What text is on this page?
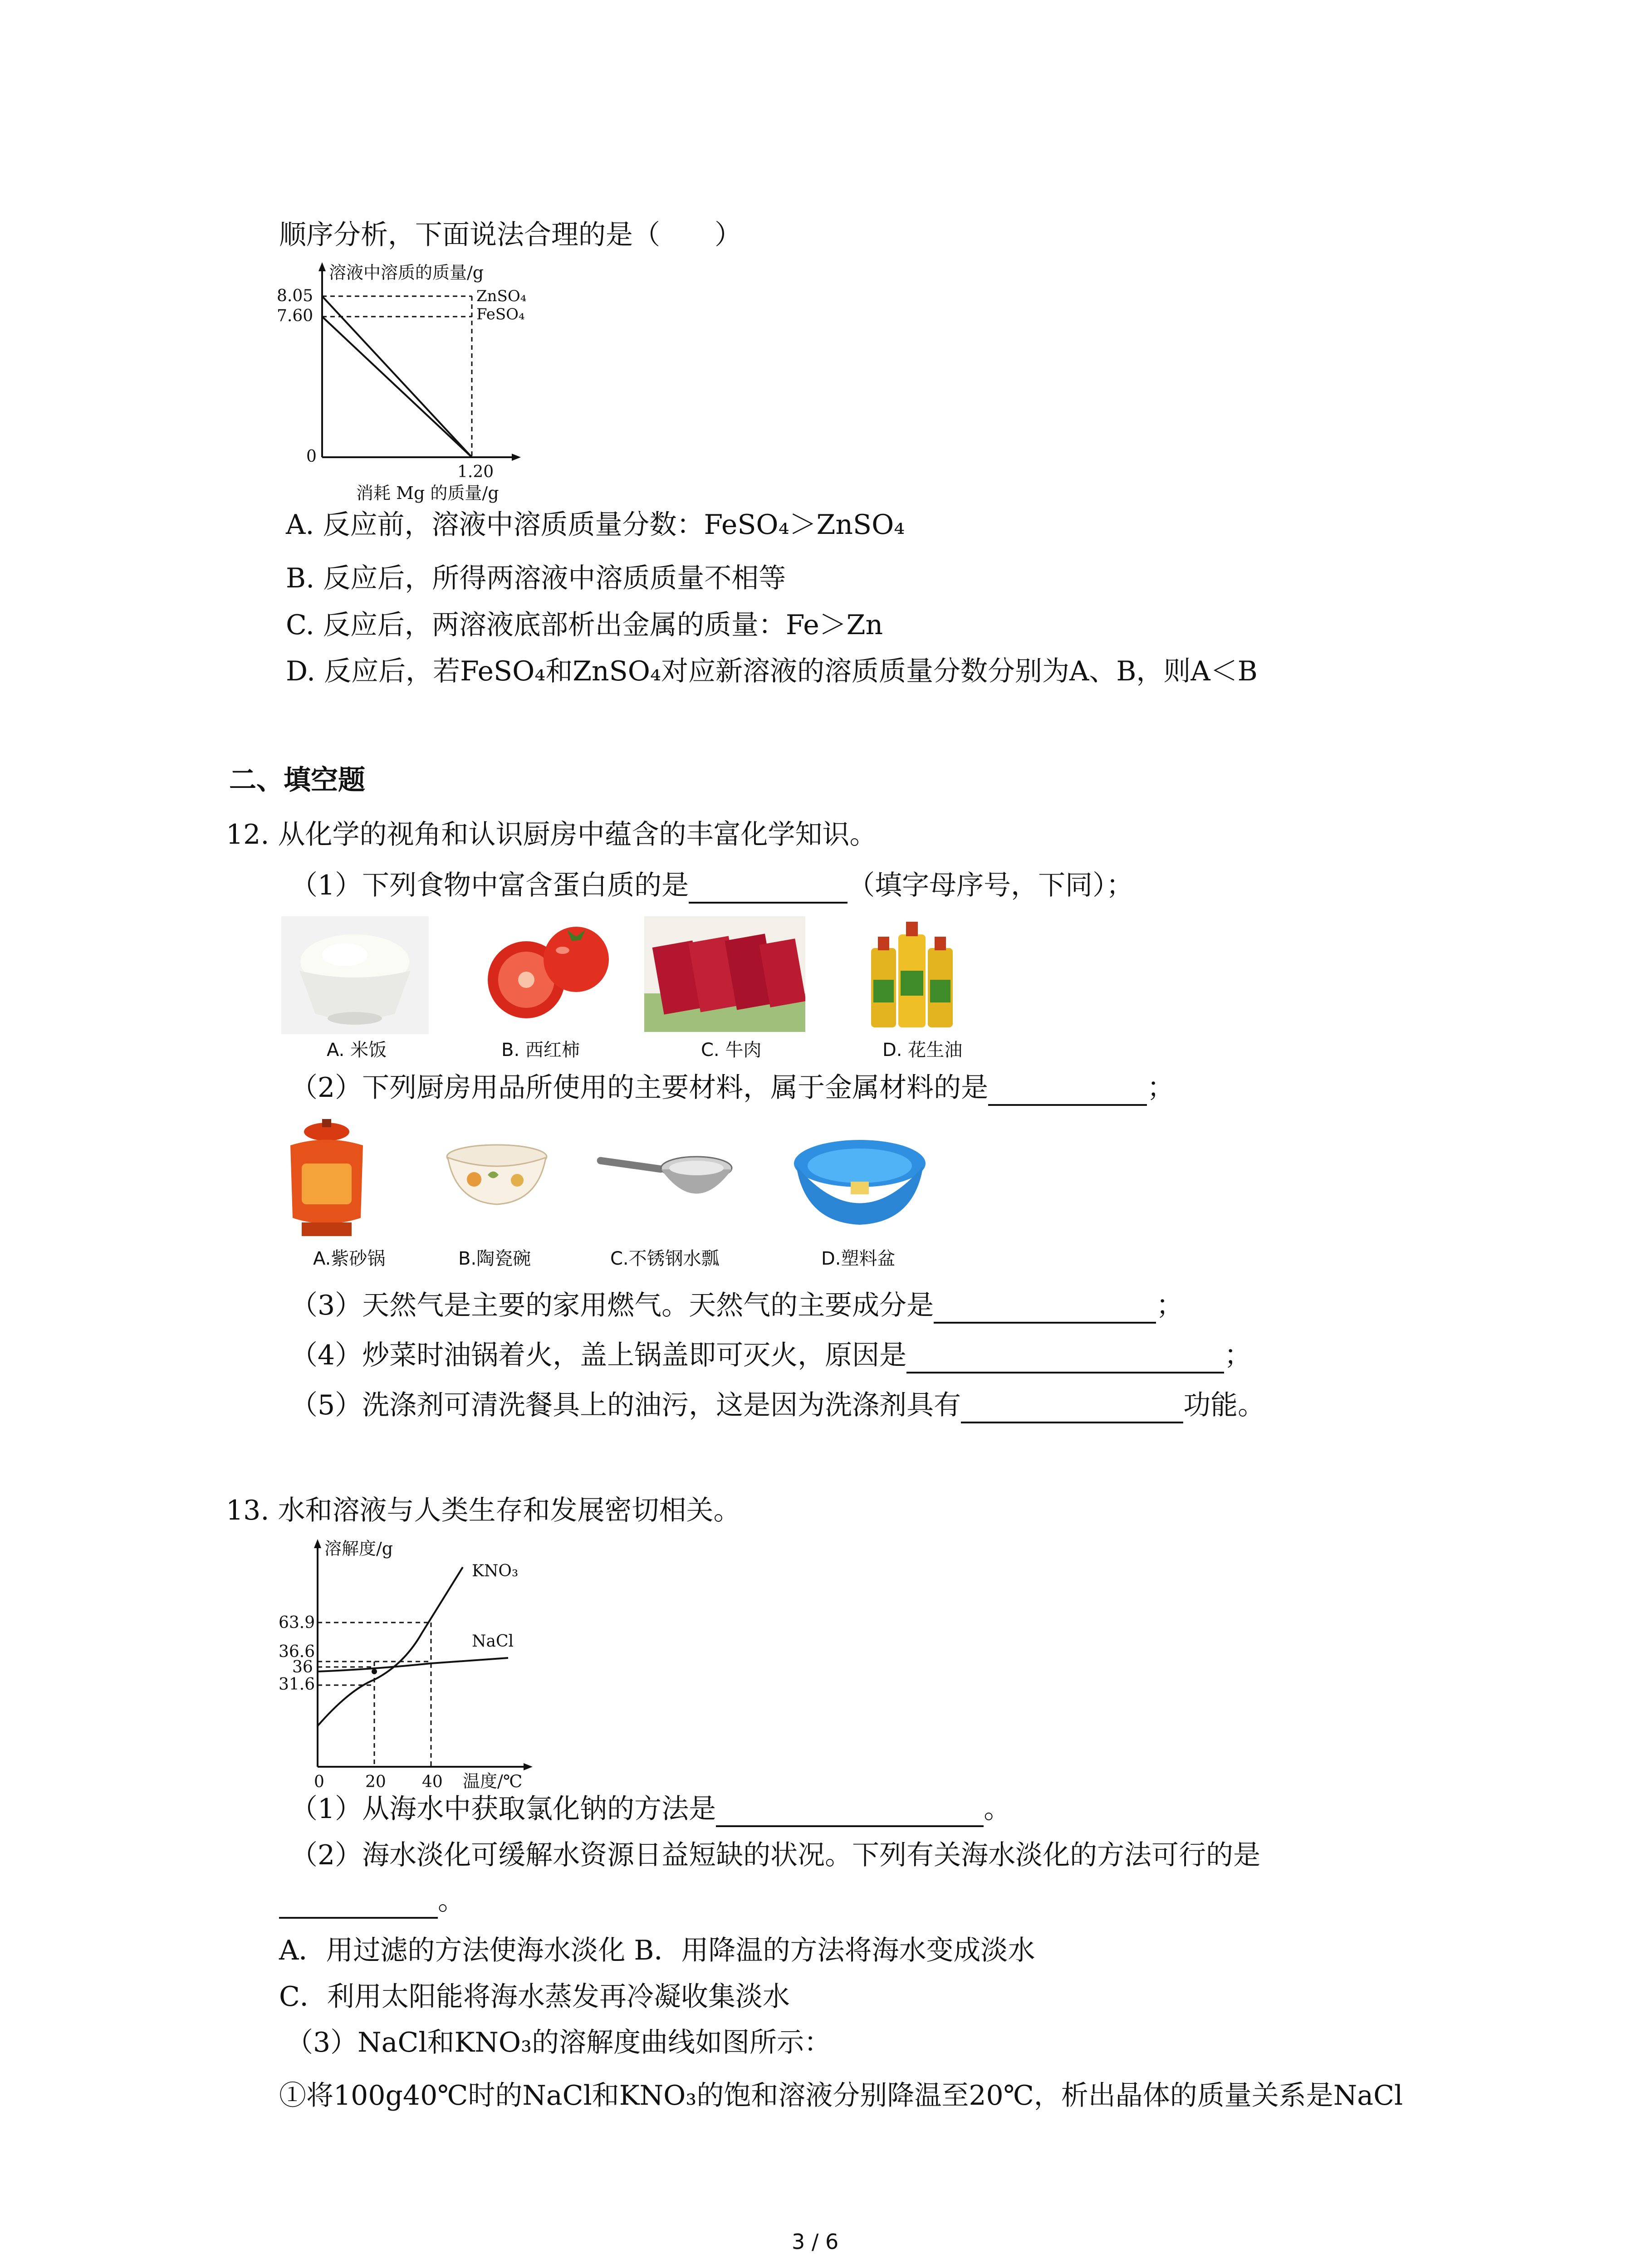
顺序分析，下面说法合理的是（　　）
溶液中溶质的质量/g
8.05
7.60
0
1.20
ZnSO₄
FeSO₄
消耗 Mg 的质量/g
A. 反应前，溶液中溶质质量分数：FeSO₄＞ZnSO₄
B. 反应后，所得两溶液中溶质质量不相等
C. 反应后，两溶液底部析出金属的质量：Fe＞Zn
D. 反应后，若FeSO₄和ZnSO₄对应新溶液的溶质质量分数分别为A、B，则A＜B
二、填空题
12. 从化学的视角和认识厨房中蕴含的丰富化学知识。
（1）下列食物中富含蛋白质的是	（填字母序号，下同）；
A. 米饭	B. 西红柿	C. 牛肉	D. 花生油
（2）下列厨房用品所使用的主要材料，属于金属材料的是	；
A.紫砂锅	B.陶瓷碗	C.不锈钢水瓢	D.塑料盆
（3）天然气是主要的家用燃气。天然气的主要成分是	；
（4）炒菜时油锅着火，盖上锅盖即可灭火，原因是	；
（5）洗涤剂可清洗餐具上的油污，这是因为洗涤剂具有	功能。
13. 水和溶液与人类生存和发展密切相关。
溶解度/g
63.9
36.6
36
31.6
0	20 40 温度/℃
KNO₃
NaCl
（1）从海水中获取氯化钠的方法是	。
（2）海水淡化可缓解水资源日益短缺的状况。下列有关海水淡化的方法可行的是
。
A．用过滤的方法使海水淡化 B．用降温的方法将海水变成淡水
C．利用太阳能将海水蒸发再冷凝收集淡水
（3）NaCl和KNO₃的溶解度曲线如图所示：
①将100g40℃时的NaCl和KNO₃的饱和溶液分别降温至20℃，析出晶体的质量关系是NaCl
3 / 6
